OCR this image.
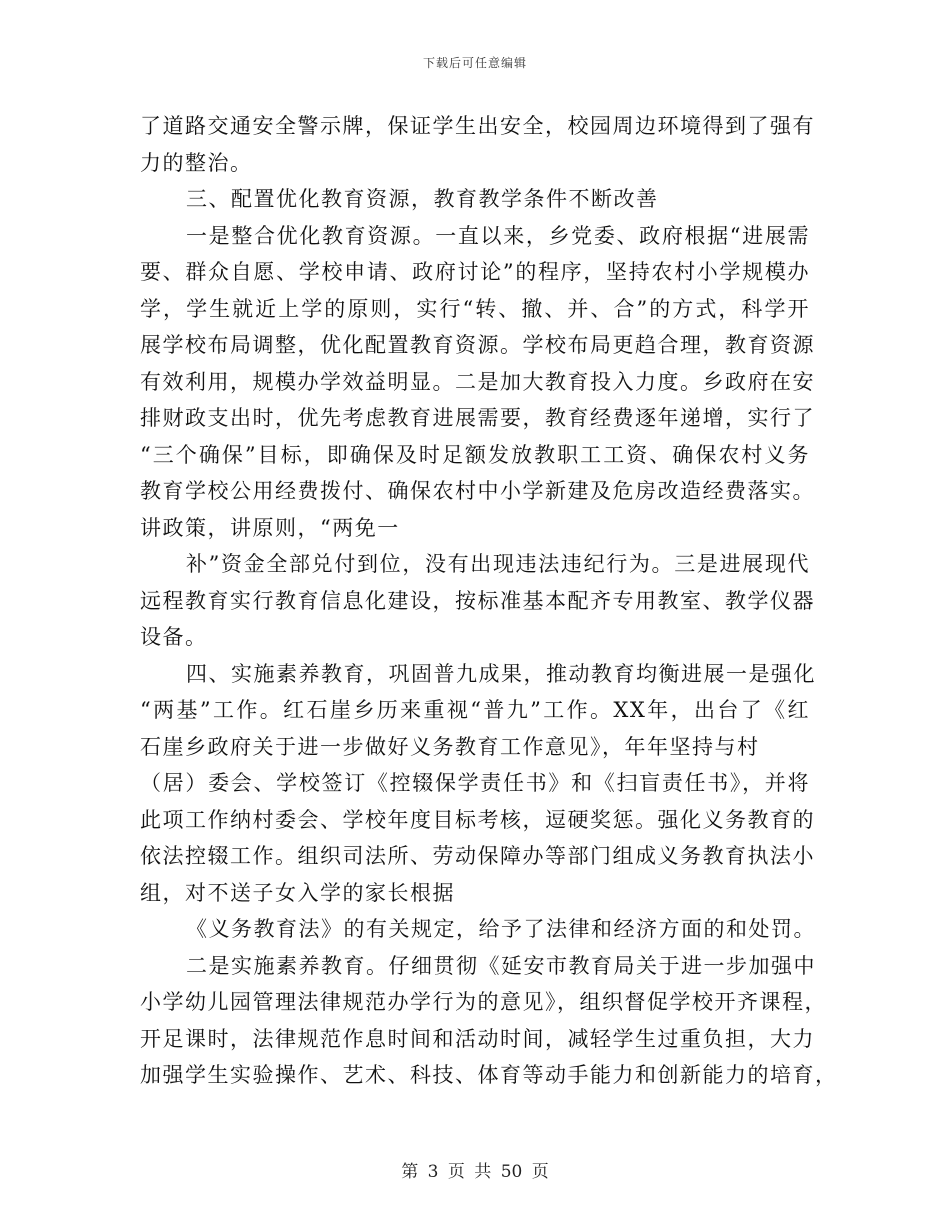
下载后可任意编辑
了道路交通安全警示牌，保证学生出安全，校园周边环境得到了强有
力的整治。
三、配置优化教育资源，教育教学条件不断改善
一是整合优化教育资源。一直以来，乡党委、政府根据“进展需
要、群众自愿、学校申请、政府讨论”的程序，坚持农村小学规模办
学，学生就近上学的原则，实行“转、撤、并、合”的方式，科学开
展学校布局调整，优化配置教育资源。学校布局更趋合理，教育资源
有效利用，规模办学效益明显。二是加大教育投入力度。乡政府在安
排财政支出时，优先考虑教育进展需要，教育经费逐年递增，实行了
“三个确保”目标，即确保及时足额发放教职工工资、确保农村义务
教育学校公用经费拨付、确保农村中小学新建及危房改造经费落实。
讲政策，讲原则，“两免一
补”资金全部兑付到位，没有出现违法违纪行为。三是进展现代
远程教育实行教育信息化建设，按标准基本配齐专用教室、教学仪器
设备。
四、实施素养教育，巩固普九成果，推动教育均衡进展一是强化
“两基”工作。红石崖乡历来重视“普九”工作。XX年，出台了《红
石崖乡政府关于进一步做好义务教育工作意见》，年年坚持与村
（居）委会、学校签订《控辍保学责任书》和《扫盲责任书》，并将
此项工作纳村委会、学校年度目标考核，逗硬奖惩。强化义务教育的
依法控辍工作。组织司法所、劳动保障办等部门组成义务教育执法小
组，对不送子女入学的家长根据
《义务教育法》的有关规定，给予了法律和经济方面的和处罚。
二是实施素养教育。仔细贯彻《延安市教育局关于进一步加强中
小学幼儿园管理法律规范办学行为的意见》，组织督促学校开齐课程，
开足课时，法律规范作息时间和活动时间，减轻学生过重负担，大力
加强学生实验操作、艺术、科技、体育等动手能力和创新能力的培育，
第 3 页 共 50 页
